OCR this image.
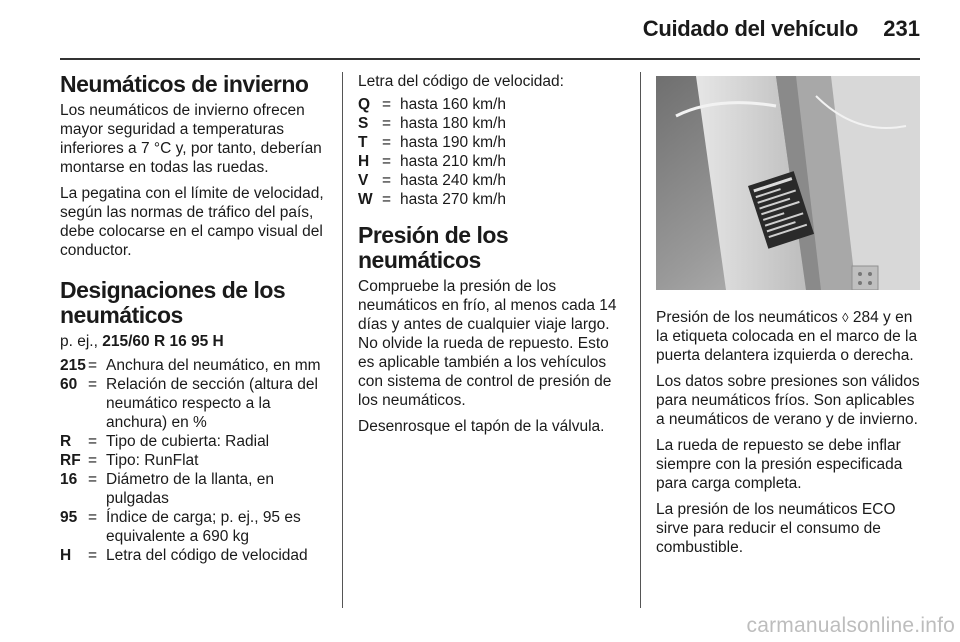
Cuidado del vehículo	231
Neumáticos de invierno

Los neumáticos de invierno ofrecen mayor seguridad a temperaturas inferiores a 7 °C y, por tanto, deberían montarse en todas las ruedas.

La pegatina con el límite de velocidad, según las normas de tráfico del país, debe colocarse en el campo visual del conductor.

Designaciones de los neumáticos
p. ej., 215/60 R 16 95 H
215 = Anchura del neumático, en mm
60 = Relación de sección (altura del neumático respecto a la anchura) en %
R	= Tipo de cubierta: Radial
RF = Tipo: RunFlat
16 = Diámetro de la llanta, en pulgadas
95 = Índice de carga; p. ej., 95 es equivalente a 690 kg
H	= Letra del código de velocidad
Letra del código de velocidad:
Q = hasta 160 km/h
S = hasta 180 km/h
T = hasta 190 km/h
H = hasta 210 km/h
V = hasta 240 km/h
W = hasta 270 km/h
Presión de los neumáticos

Compruebe la presión de los neumáticos en frío, al menos cada 14 días y antes de cualquier viaje largo. No olvide la rueda de repuesto. Esto es aplicable también a los vehículos con sistema de control de presión de los neumáticos.

Desenrosque el tapón de la válvula.

Presión de los neumáticos ◊ 284 y en la etiqueta colocada en el marco de la puerta delantera izquierda o derecha.

Los datos sobre presiones son válidos para neumáticos fríos. Son aplicables a neumáticos de verano y de invierno.

La rueda de repuesto se debe inflar siempre con la presión especificada para carga completa.

La presión de los neumáticos ECO sirve para reducir el consumo de combustible.

carmanualsonline.info
